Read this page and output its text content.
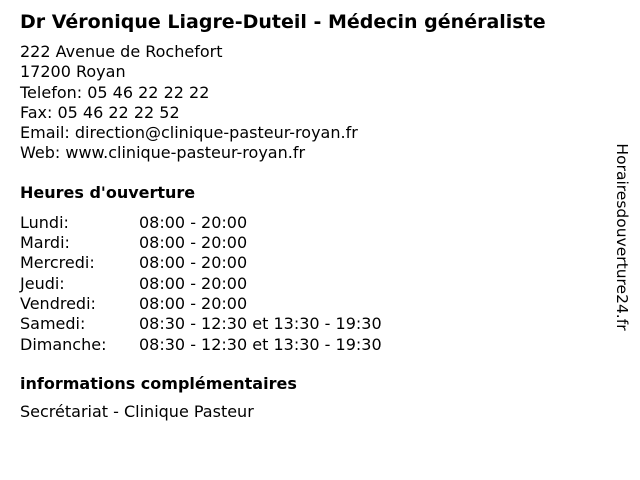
Dr Véronique Liagre-Duteil - Médecin généraliste
222 Avenue de Rochefort
17200 Royan
Telefon: 05 46 22 22 22
Fax: 05 46 22 22 52
Email: direction@clinique-pasteur-royan.fr
Web: www.clinique-pasteur-royan.fr
Heures d'ouverture
Lundi:	08:00 - 20:00
Mardi:	08:00 - 20:00
Mercredi:	08:00 - 20:00
Jeudi:	08:00 - 20:00
Vendredi:	08:00 - 20:00
Samedi:	08:30 - 12:30 et 13:30 - 19:30
Dimanche:	08:30 - 12:30 et 13:30 - 19:30
informations complémentaires
Secrétariat - Clinique Pasteur
Horairesdouverture24.fr
